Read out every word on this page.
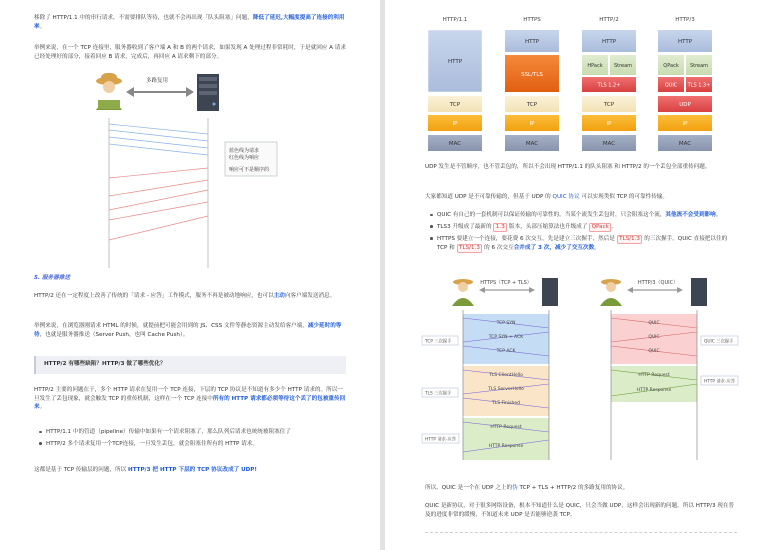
移除了 HTTP/1.1 中的串行请求，不需要排队等待，也就不会再出现「队头阻塞」问题，降低了延迟,大幅度提高了连接的利用率。

举例来说，在一个 TCP 连接里，服务器收到了客户端 A 和 B 的两个请求，如果发现 A 处理过程非常耗时，于是就回应 A 请求已经处理好的部分，接着回应 B 请求，完成后，再回应 A 请求剩下的部分。

多路复用
蓝色线为请求
红色线为响应
响应可不是顺序的

5. 服务器推送

HTTP/2 还在一定程度上改善了传统的「请求 - 应答」工作模式，服务不再是被动地响应，也可以主动向客户端发送消息。

举例来说，在浏览器刚请求 HTML 的时候，就提前把可能会用到的 JS、CSS 文件等静态资源主动发给客户端，减少延时的等待，也就是服务器推送（Server Push，也叫 Cache Push）。

HTTP/2 有哪些缺陷？HTTP/3 做了哪些优化？

HTTP/2 主要的问题在于，多个 HTTP 请求在复用一个 TCP 连接，下层的 TCP 协议是不知道有多少个 HTTP 请求的。所以一旦发生了丢包现象，就会触发 TCP 的重传机制，这样在一个 TCP 连接中所有的 HTTP 请求都必须等待这个丢了的包被重传回来。

HTTP/1.1 中的管道（pipeline）传输中如果有一个请求阻塞了，那么队列后请求也统统被阻塞住了
HTTP/2 多个请求复用一个TCP连接，一旦发生丢包，就会阻塞住所有的 HTTP 请求。

这都是基于 TCP 传输层的问题，所以 HTTP/3 把 HTTP 下层的 TCP 协议改成了 UDP!

HTTP/1.1	HTTPS	HTTP/2	HTTP/3
HTTP
TCP
IP
MAC
HTTP
SSL/TLS
TCP
IP
MAC
HTTP
HPack Stream
TLS 1.2+
TCP
IP
MAC
HTTP
QPack Stream
QUIC TLS 1.3+
UDP
IP
MAC

UDP 发生是不管顺序，也不管丢包的，所以不会出现 HTTP/1.1 的队头阻塞 和 HTTP/2 的一个丢包全部重传问题。

大家都知道 UDP 是不可靠传输的，但基于 UDP 的 QUIC 协议 可以实现类似 TCP 的可靠性传输。

QUIC 有自己的一套机制可以保证传输的可靠性的。当某个流发生丢包时，只会阻塞这个流，其他流不会受到影响。
TLS3 升级成了最新的 1.3 版本，头部压缩算法也升级成了 QPack 。
HTTPS 要建立一个连接，要花费 6 次交互，先是建立三次握手，然后是 TLS/1.3 的三次握手。QUIC 直接把以往的 TCP 和 TLS/1.3 的 6 次交互合并成了 3 次，减少了交互次数。
HTTPS（TCP + TLS）	HTTP/3（QUIC）
TCP SYN
TCP SYN + ACK
TCP ACK
TLS ClientHello
TLS ServerHello
TLS Finished
HTTP Request
HTTP Response
QUIC
QUIC
QUIC
HTTP Request
HTTP Response
TCP 三次握手
TLS 三次握手
HTTP 请求-应答
QUIC 三次握手
HTTP 请求-应答

所以，QUIC 是一个在 UDP 之上的伪 TCP + TLS + HTTP/2 的多路复用的协议。

QUIC 是新协议，对于很多网络设备，根本不知道什么是 QUIC，只会当做 UDP，这样会出现新的问题。所以 HTTP/3 现在普及的进度非常的缓慢，不知道未来 UDP 是否能够逆袭 TCP。
